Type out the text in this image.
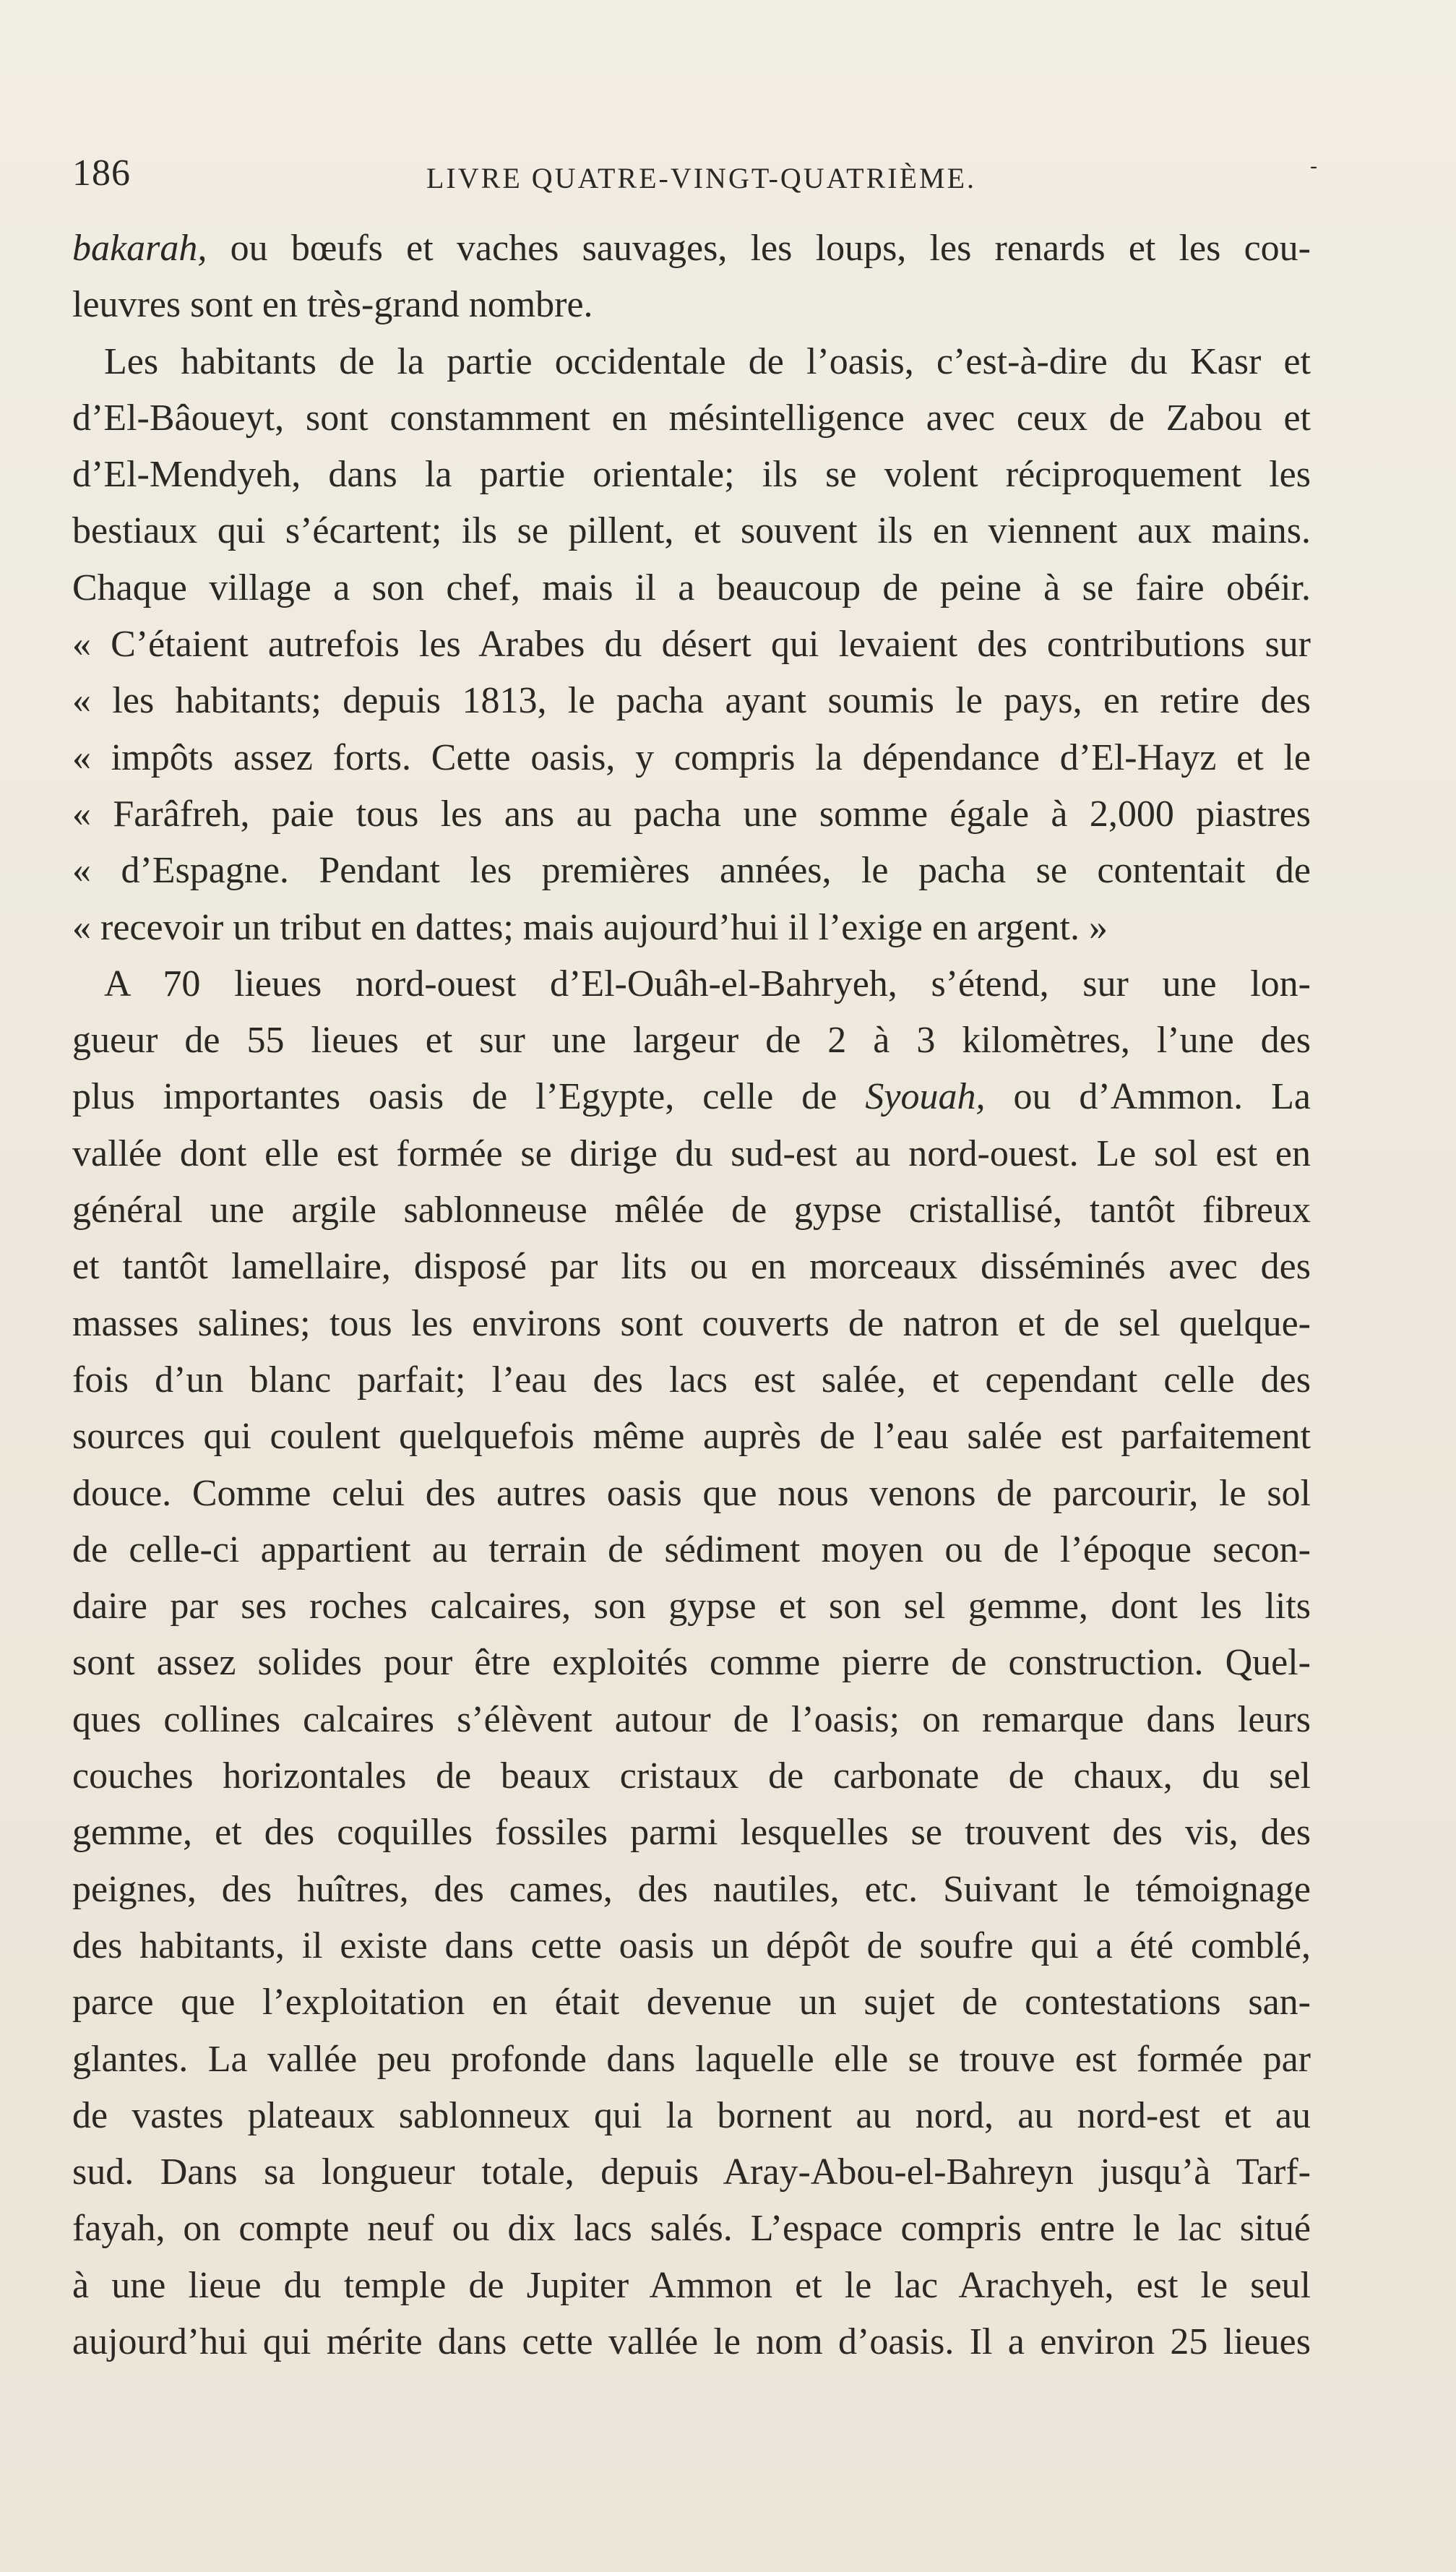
186	LIVRE QUATRE-VINGT-QUATRIÈME.	-
bakarah, ou bœufs et vaches sauvages, les loups, les renards et les cou-
leuvres sont en très-grand nombre.
Les habitants de la partie occidentale de l’oasis, c’est-à-dire du Kasr et
d’El-Bâoueyt, sont constamment en mésintelligence avec ceux de Zabou et
d’El-Mendyeh, dans la partie orientale; ils se volent réciproquement les
bestiaux qui s’écartent; ils se pillent, et souvent ils en viennent aux mains.
Chaque village a son chef, mais il a beaucoup de peine à se faire obéir.
« C’étaient autrefois les Arabes du désert qui levaient des contributions sur
« les habitants; depuis 1813, le pacha ayant soumis le pays, en retire des
« impôts assez forts. Cette oasis, y compris la dépendance d’El-Hayz et le
« Farâfreh, paie tous les ans au pacha une somme égale à 2,000 piastres
« d’Espagne. Pendant les premières années, le pacha se contentait de
« recevoir un tribut en dattes; mais aujourd’hui il l’exige en argent. »
A 70 lieues nord-ouest d’El-Ouâh-el-Bahryeh, s’étend, sur une lon-
gueur de 55 lieues et sur une largeur de 2 à 3 kilomètres, l’une des
plus importantes oasis de l’Egypte, celle de Syouah, ou d’Ammon. La
vallée dont elle est formée se dirige du sud-est au nord-ouest. Le sol est en
général une argile sablonneuse mêlée de gypse cristallisé, tantôt fibreux
et tantôt lamellaire, disposé par lits ou en morceaux disséminés avec des
masses salines; tous les environs sont couverts de natron et de sel quelque-
fois d’un blanc parfait; l’eau des lacs est salée, et cependant celle des
sources qui coulent quelquefois même auprès de l’eau salée est parfaitement
douce. Comme celui des autres oasis que nous venons de parcourir, le sol
de celle-ci appartient au terrain de sédiment moyen ou de l’époque secon-
daire par ses roches calcaires, son gypse et son sel gemme, dont les lits
sont assez solides pour être exploités comme pierre de construction. Quel-
ques collines calcaires s’élèvent autour de l’oasis; on remarque dans leurs
couches horizontales de beaux cristaux de carbonate de chaux, du sel
gemme, et des coquilles fossiles parmi lesquelles se trouvent des vis, des
peignes, des huîtres, des cames, des nautiles, etc. Suivant le témoignage
des habitants, il existe dans cette oasis un dépôt de soufre qui a été comblé,
parce que l’exploitation en était devenue un sujet de contestations san-
glantes. La vallée peu profonde dans laquelle elle se trouve est formée par
de vastes plateaux sablonneux qui la bornent au nord, au nord-est et au
sud. Dans sa longueur totale, depuis Aray-Abou-el-Bahreyn jusqu’à Tarf-
fayah, on compte neuf ou dix lacs salés. L’espace compris entre le lac situé
à une lieue du temple de Jupiter Ammon et le lac Arachyeh, est le seul
aujourd’hui qui mérite dans cette vallée le nom d’oasis. Il a environ 25 lieues
